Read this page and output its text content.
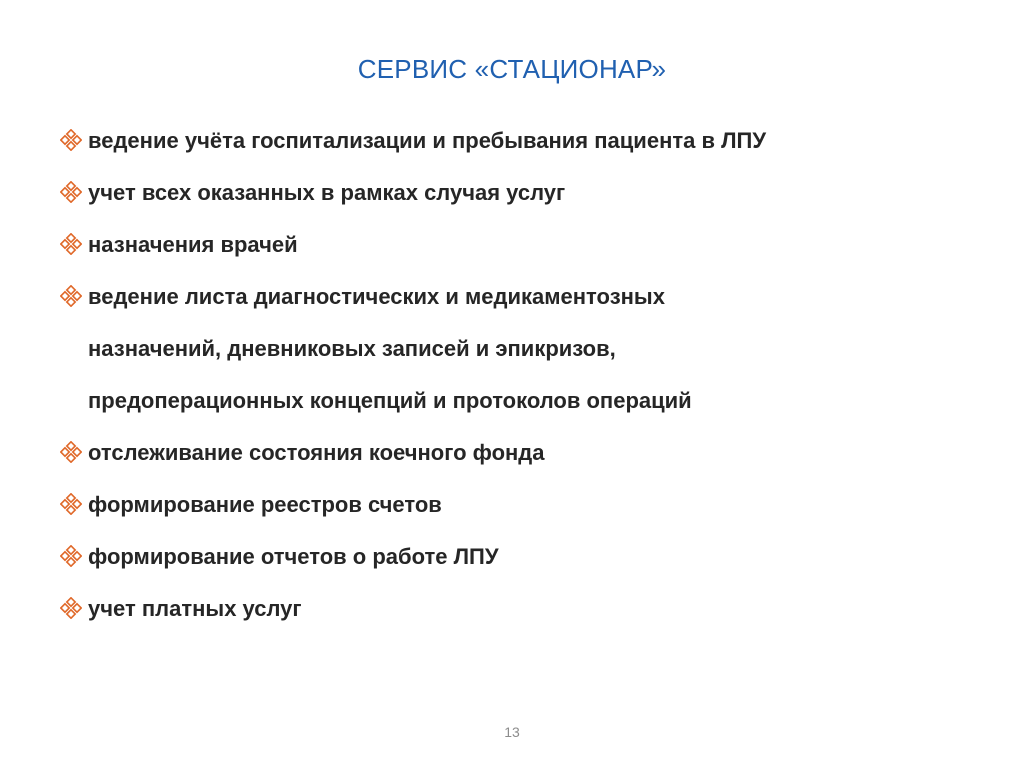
СЕРВИС «СТАЦИОНАР»
ведение учёта госпитализации и пребывания пациента в ЛПУ
учет всех оказанных в рамках случая услуг
назначения врачей
ведение листа диагностических и медикаментозных
назначений, дневниковых записей и эпикризов,
предоперационных концепций и протоколов операций
отслеживание состояния коечного фонда
формирование реестров счетов
формирование отчетов о работе ЛПУ
учет платных услуг
13
